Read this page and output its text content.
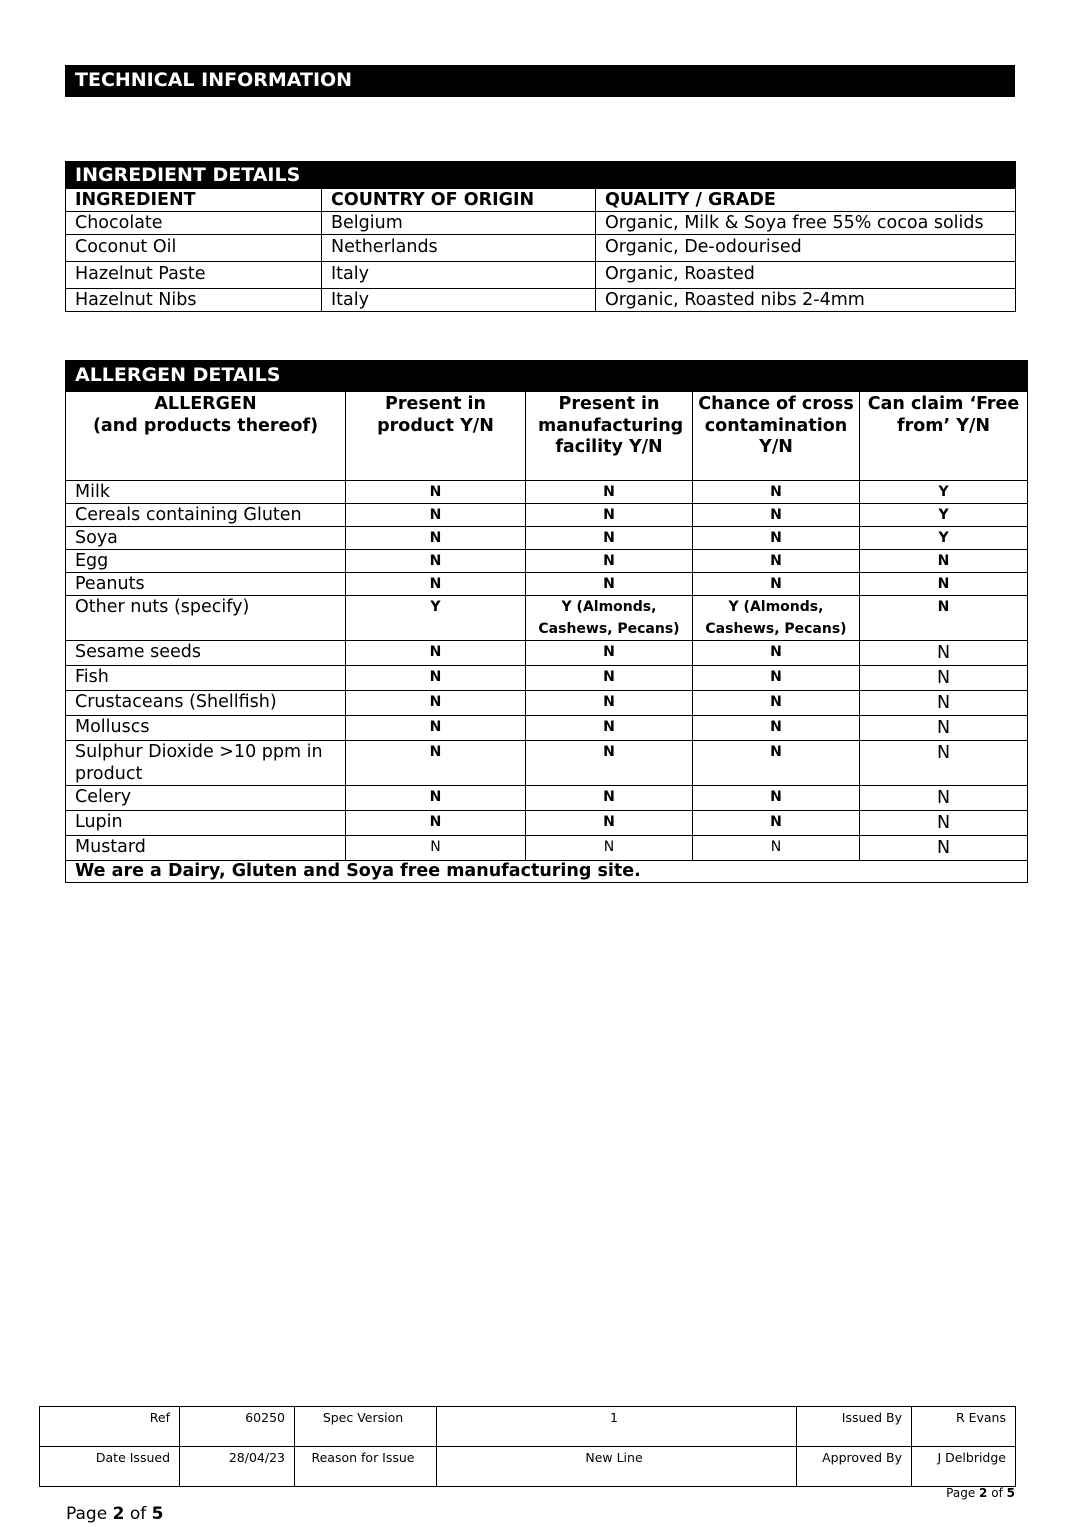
TECHNICAL INFORMATION
INGREDIENT DETAILS		
INGREDIENT	COUNTRY OF ORIGIN	QUALITY / GRADE
Chocolate	Belgium	Organic, Milk & Soya free 55% cocoa solids
Coconut Oil	Netherlands	Organic, De-odourised
Hazelnut Paste	Italy	Organic, Roasted
Hazelnut Nibs	Italy	Organic, Roasted nibs 2-4mm
ALLERGEN DETAILS				

ALLERGEN
(and products thereof)	Present in product Y/N	Present in manufacturing facility Y/N	Chance of cross contamination Y/N	Can claim ‘Free from’ Y/N
Milk	N	N	N	Y
Cereals containing Gluten	N	N	N	Y
Soya	N	N	N	Y
Egg	N	N	N	N
Peanuts	N	N	N	N
Other nuts (specify)	Y	Y (Almonds, Cashews, Pecans)	Y (Almonds, Cashews, Pecans)	N
Sesame seeds	N	N	N	N
Fish	N	N	N	N
Crustaceans (Shellfish)	N	N	N	N
Molluscs	N	N	N	N
Sulphur Dioxide >10 ppm in product	N	N	N	N
Celery	N	N	N	N
Lupin	N	N	N	N
Mustard	N	N	N	N
We are a Dairy, Gluten and Soya free manufacturing site.				
Ref	60250	Spec Version	1	Issued By	R Evans
Date Issued	28/04/23	Reason for Issue	New Line	Approved By	J Delbridge
Page 2 of 5
Page 2 of 5
